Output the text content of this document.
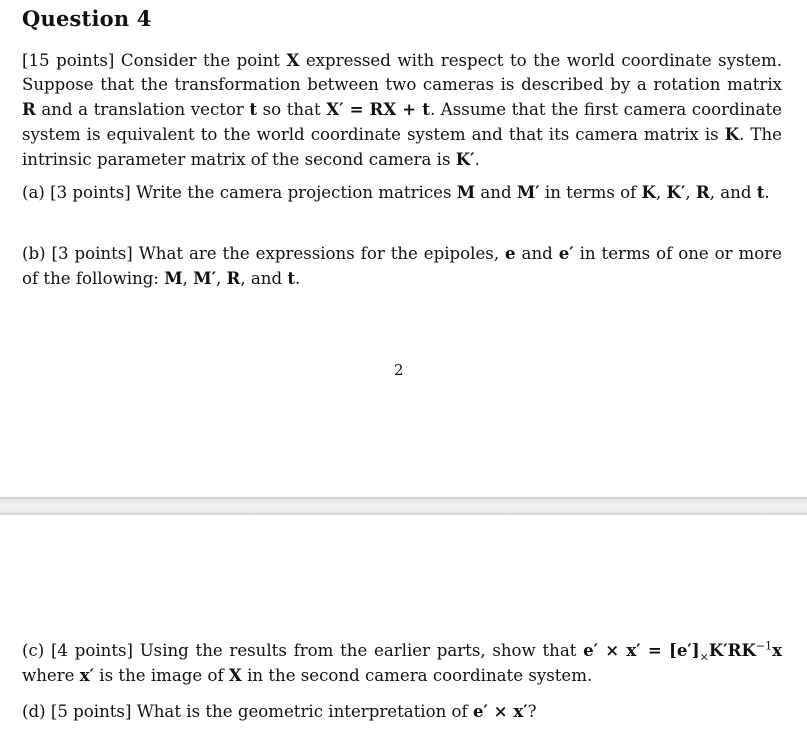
Question 4

[15 points] Consider the point X expressed with respect to the world coordinate system. Suppose that the transformation between two cameras is described by a rotation matrix R and a translation vector t so that X′ = RX + t. Assume that the first camera coordinate system is equivalent to the world coordinate system and that its camera matrix is K. The intrinsic parameter matrix of the second camera is K′.

(a) [3 points] Write the camera projection matrices M and M′ in terms of K, K′, R, and t.

(b) [3 points] What are the expressions for the epipoles, e and e′ in terms of one or more of the following: M, M′, R, and t.

2

(c) [4 points] Using the results from the earlier parts, show that $e' \times x' = [e']_\times K'RK^{-1}x$ where x′ is the image of X in the second camera coordinate system.

(d) [5 points] What is the geometric interpretation of e′ × x′?
